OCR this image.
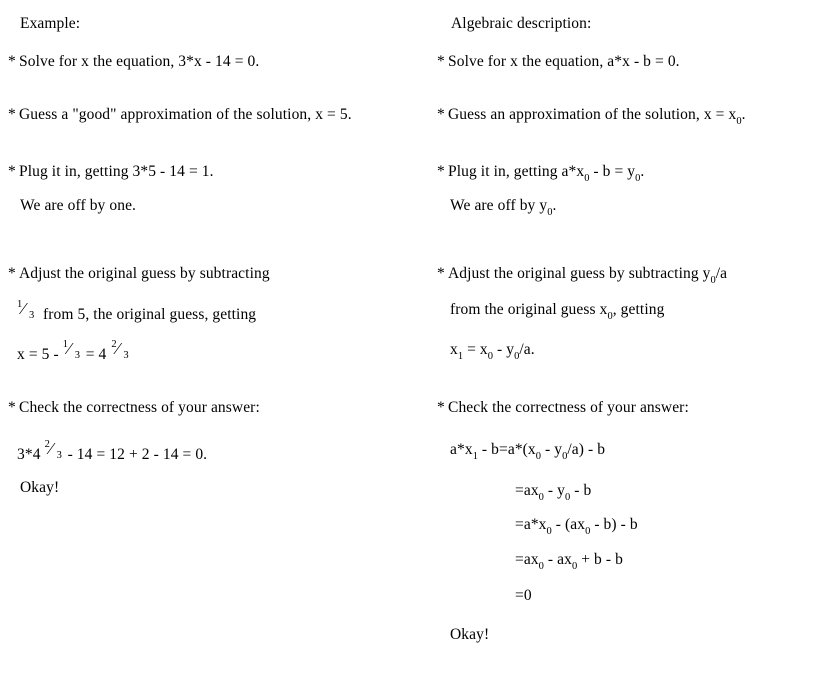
Example:
* Solve for x the equation, 3*x - 14 = 0.
* Guess a "good" approximation of the solution, x = 5.
* Plug it in, getting 3*5 - 14 = 1.
We are off by one.
* Adjust the original guess by subtracting
1 ⁄ 3 from 5, the original guess, getting
x = 5 -
1 ⁄ 3 = 4
2 ⁄ 3
* Check the correctness of your answer:
3*4
2 ⁄ 3 - 14 = 12 + 2 - 14 = 0.
Okay!
Algebraic description:
* Solve for x the equation, a*x - b = 0.
* Guess an approximation of the solution, $x = x_0$.
* Plug it in, getting $a*x_0 - b = y_0$.
We are off by $y_0$.
* Adjust the original guess by subtracting $y_0/a$
from the original guess $x_0$, getting
$x_1 = x_0 - y_0/a$.
* Check the correctness of your answer:
$a*x_1 - b=a*(x_0 - y_0/a) - b$
$=ax_0 - y_0 - b$
$=a*x_0 - (ax_0 - b) - b$
$=ax_0 - ax_0 + b - b$
=0
Okay!
